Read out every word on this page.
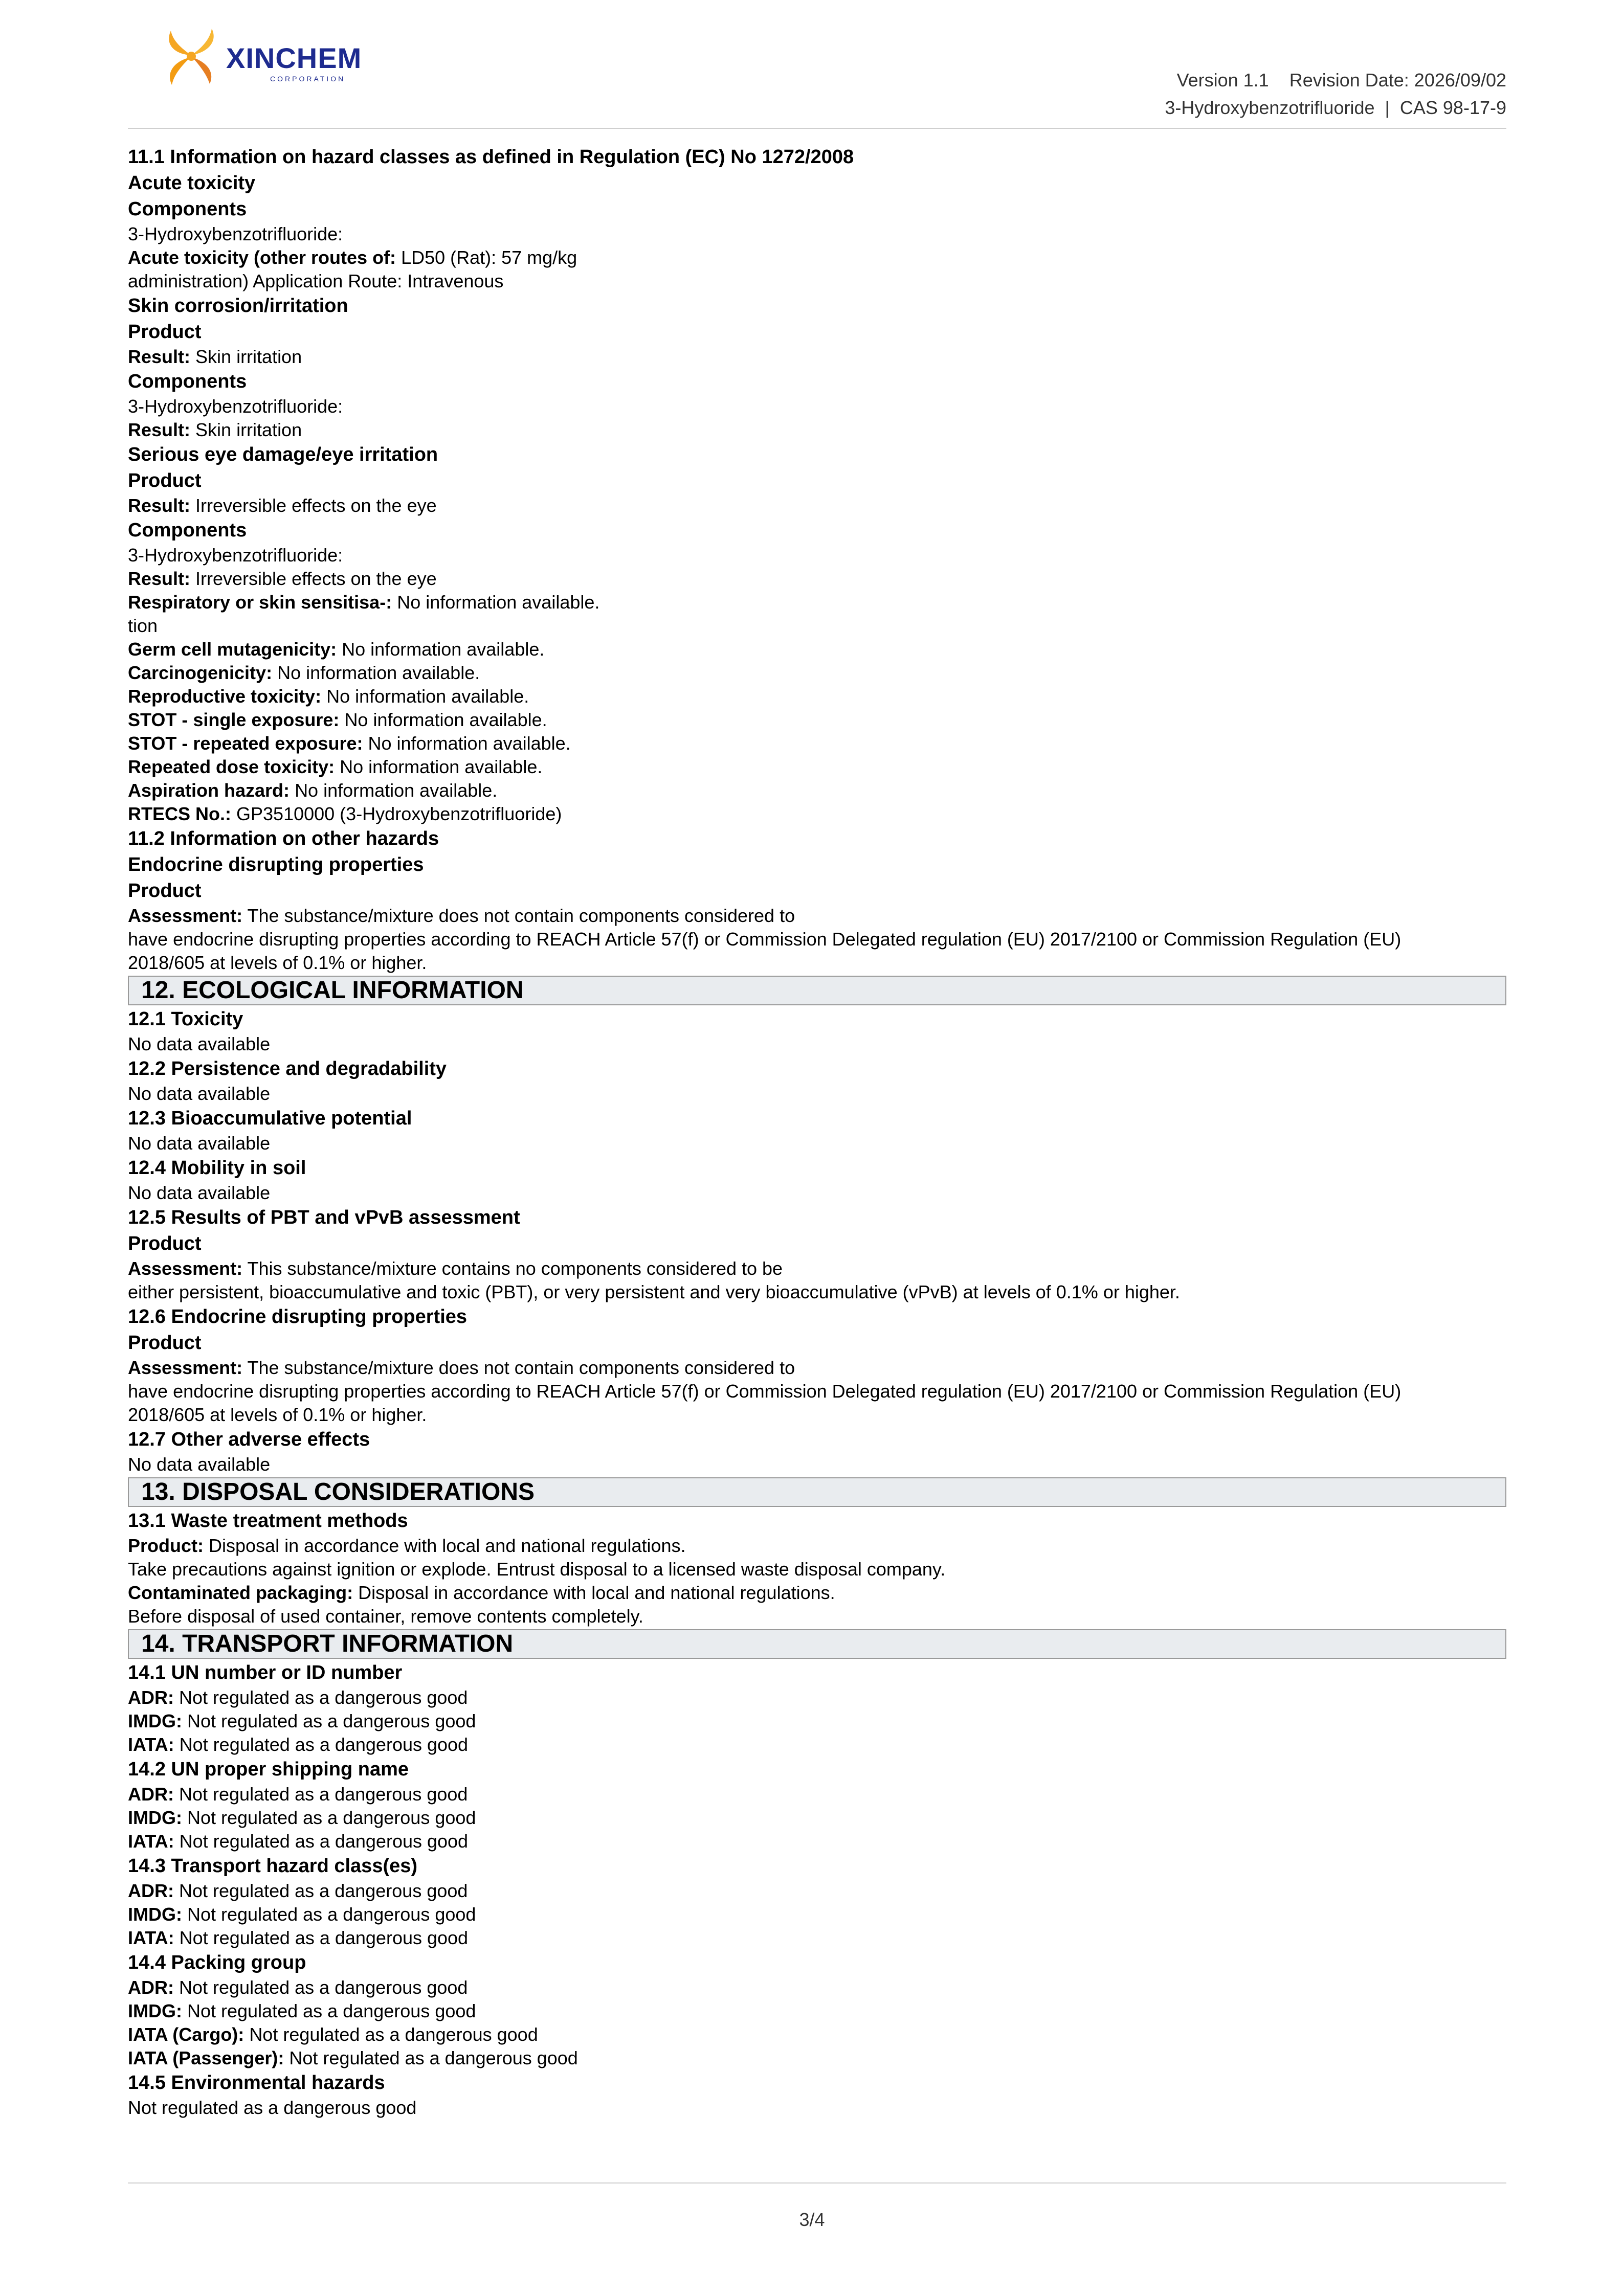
XINCHEM
CORPORATION	Version 1.1 Revision Date: 2026/09/02
3-Hydroxybenzotrifluoride | CAS 98-17-9
11.1 Information on hazard classes as defined in Regulation (EC) No 1272/2008
Acute toxicity
Components
3-Hydroxybenzotrifluoride:
Acute toxicity (other routes of: LD50 (Rat): 57 mg/kg
administration) Application Route: Intravenous
Skin corrosion/irritation
Product
Result: Skin irritation
Components
3-Hydroxybenzotrifluoride:
Result: Skin irritation
Serious eye damage/eye irritation
Product
Result: Irreversible effects on the eye
Components
3-Hydroxybenzotrifluoride:
Result: Irreversible effects on the eye
Respiratory or skin sensitisa-: No information available.
tion
Germ cell mutagenicity: No information available.
Carcinogenicity: No information available.
Reproductive toxicity: No information available.
STOT - single exposure: No information available.
STOT - repeated exposure: No information available.
Repeated dose toxicity: No information available.
Aspiration hazard: No information available.
RTECS No.: GP3510000 (3-Hydroxybenzotrifluoride)
11.2 Information on other hazards
Endocrine disrupting properties
Product
Assessment: The substance/mixture does not contain components considered to
have endocrine disrupting properties according to REACH Article 57(f) or Commission Delegated regulation (EU) 2017/2100 or Commission Regulation (EU)
2018/605 at levels of 0.1% or higher.
12. ECOLOGICAL INFORMATION
12.1 Toxicity
No data available
12.2 Persistence and degradability
No data available
12.3 Bioaccumulative potential
No data available
12.4 Mobility in soil
No data available
12.5 Results of PBT and vPvB assessment
Product
Assessment: This substance/mixture contains no components considered to be
either persistent, bioaccumulative and toxic (PBT), or very persistent and very bioaccumulative (vPvB) at levels of 0.1% or higher.
12.6 Endocrine disrupting properties
Product
Assessment: The substance/mixture does not contain components considered to
have endocrine disrupting properties according to REACH Article 57(f) or Commission Delegated regulation (EU) 2017/2100 or Commission Regulation (EU)
2018/605 at levels of 0.1% or higher.
12.7 Other adverse effects
No data available
13. DISPOSAL CONSIDERATIONS
13.1 Waste treatment methods
Product: Disposal in accordance with local and national regulations.
Take precautions against ignition or explode. Entrust disposal to a licensed waste disposal company.
Contaminated packaging: Disposal in accordance with local and national regulations.
Before disposal of used container, remove contents completely.
14. TRANSPORT INFORMATION
14.1 UN number or ID number
ADR: Not regulated as a dangerous good
IMDG: Not regulated as a dangerous good
IATA: Not regulated as a dangerous good
14.2 UN proper shipping name
ADR: Not regulated as a dangerous good
IMDG: Not regulated as a dangerous good
IATA: Not regulated as a dangerous good
14.3 Transport hazard class(es)
ADR: Not regulated as a dangerous good
IMDG: Not regulated as a dangerous good
IATA: Not regulated as a dangerous good
14.4 Packing group
ADR: Not regulated as a dangerous good
IMDG: Not regulated as a dangerous good
IATA (Cargo): Not regulated as a dangerous good
IATA (Passenger): Not regulated as a dangerous good
14.5 Environmental hazards
Not regulated as a dangerous good
3/4
